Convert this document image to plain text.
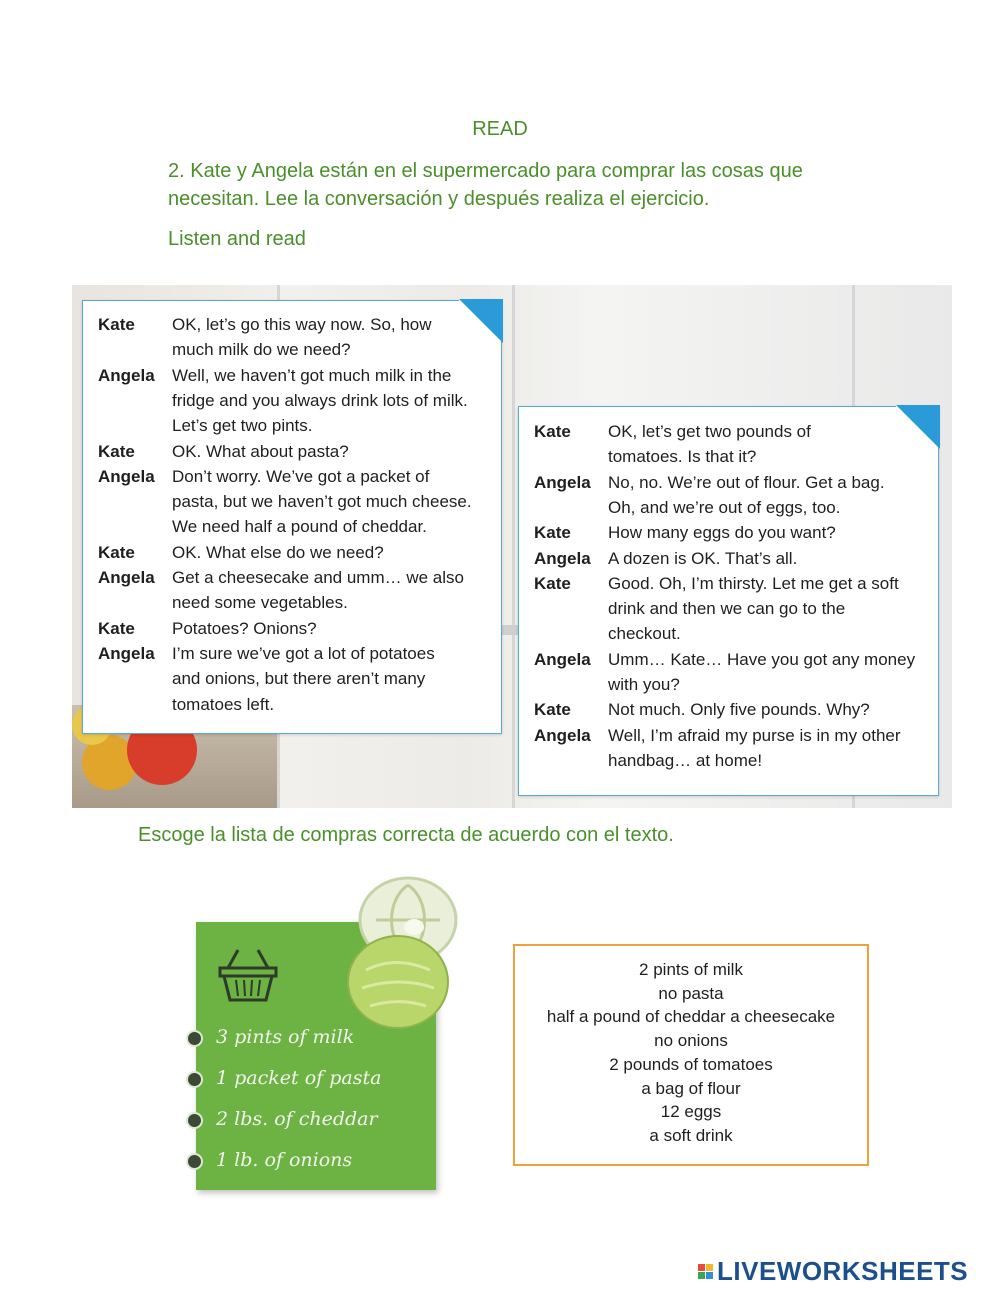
READ
2. Kate y Angela están en el supermercado para comprar las cosas que necesitan. Lee la conversación y después realiza el ejercicio.
Listen and read
Kate OK, let’s go this way now. So, how
much milk do we need?
Angela Well, we haven’t got much milk in the
fridge and you always drink lots of milk.
Let’s get two pints.
Kate OK. What about pasta?
Angela Don’t worry. We’ve got a packet of
pasta, but we haven’t got much cheese.
We need half a pound of cheddar.
Kate OK. What else do we need?
Angela Get a cheesecake and umm… we also
need some vegetables.
Kate Potatoes? Onions?
Angela I’m sure we’ve got a lot of potatoes
and onions, but there aren’t many
tomatoes left.
Kate OK, let’s get two pounds of
tomatoes. Is that it?
Angela No, no. We’re out of flour. Get a bag.
Oh, and we’re out of eggs, too.
Kate How many eggs do you want?
Angela A dozen is OK. That’s all.
Kate Good. Oh, I’m thirsty. Let me get a soft
drink and then we can go to the
checkout.
Angela Umm… Kate… Have you got any money
with you?
Kate Not much. Only five pounds. Why?
Angela Well, I’m afraid my purse is in my other
handbag… at home!
Escoge la lista de compras correcta de acuerdo con el texto.
3 pints of milk
1 packet of pasta
2 lbs. of cheddar
1 lb. of onions
2 pints of milk
no pasta
half a pound of cheddar a cheesecake
no onions
2 pounds of tomatoes
a bag of flour
12 eggs
a soft drink
LIVEWORKSHEETS
